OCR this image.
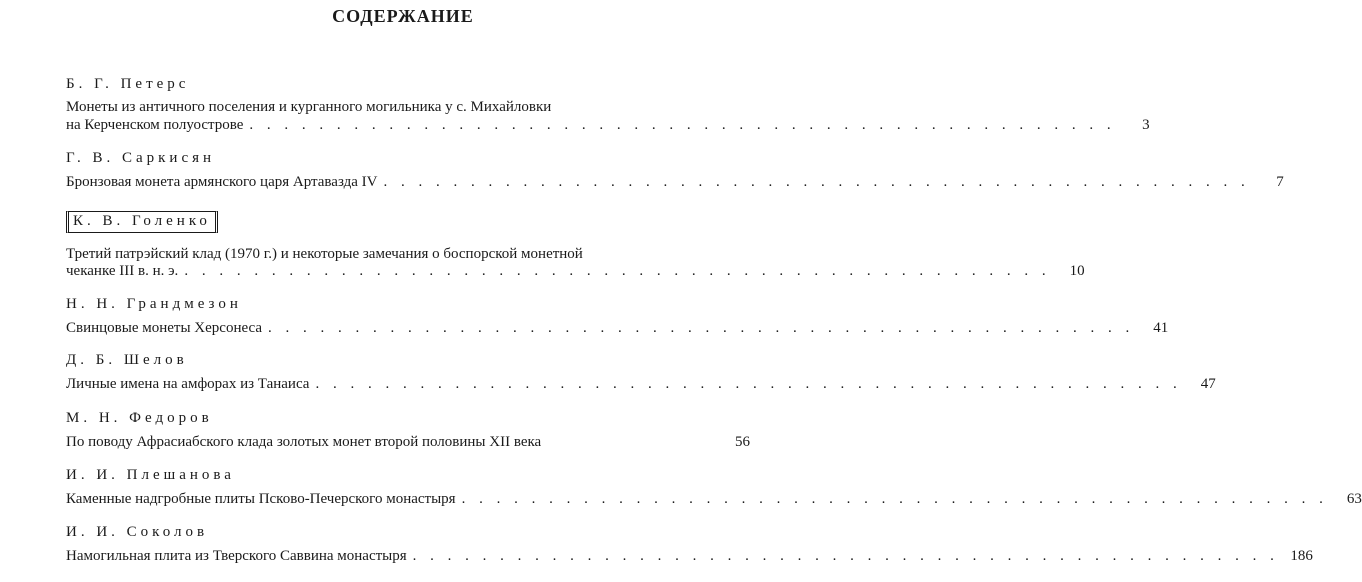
СОДЕРЖАНИЕ
Б. Г. Петерс
Монеты из античного поселения и курганного могильника у с. Михайловки
на Керченском полуострове . . . . . . . . . . . . . . . . . . . . . . . . . . . . . . . . . . . . . . . . . . . . . . . . . .	3
Г. В. Саркисян
Бронзовая монета армянского царя Артавазда IV . . . . . . . . . . . . . . . . . . . . . . . . . . . . . . . . . . . . . . . . . . . . . . . . . .	7
К. В. Голенко
Третий патрэйский клад (1970 г.) и некоторые замечания о боспорской монетной
чеканке III в. н. э. . . . . . . . . . . . . . . . . . . . . . . . . . . . . . . . . . . . . . . . . . . . . . . . . . .	10
Н. Н. Грандмезон
Свинцовые монеты Херсонеса . . . . . . . . . . . . . . . . . . . . . . . . . . . . . . . . . . . . . . . . . . . . . . . . . .	41
Д. Б. Шелов
Личные имена на амфорах из Танаиса . . . . . . . . . . . . . . . . . . . . . . . . . . . . . . . . . . . . . . . . . . . . . . . . . .	47
М. Н. Федоров
По поводу Афрасиабского клада золотых монет второй половины XII века	56
И. И. Плешанова
Каменные надгробные плиты Псково-Печерского монастыря . . . . . . . . . . . . . . . . . . . . . . . . . . . . . . . . . . . . . . . . . . . . . . . . . .	63
И. И. Соколов
Намогильная плита из Тверского Саввина монастыря . . . . . . . . . . . . . . . . . . . . . . . . . . . . . . . . . . . . . . . . . . . . . . . . . . 186
